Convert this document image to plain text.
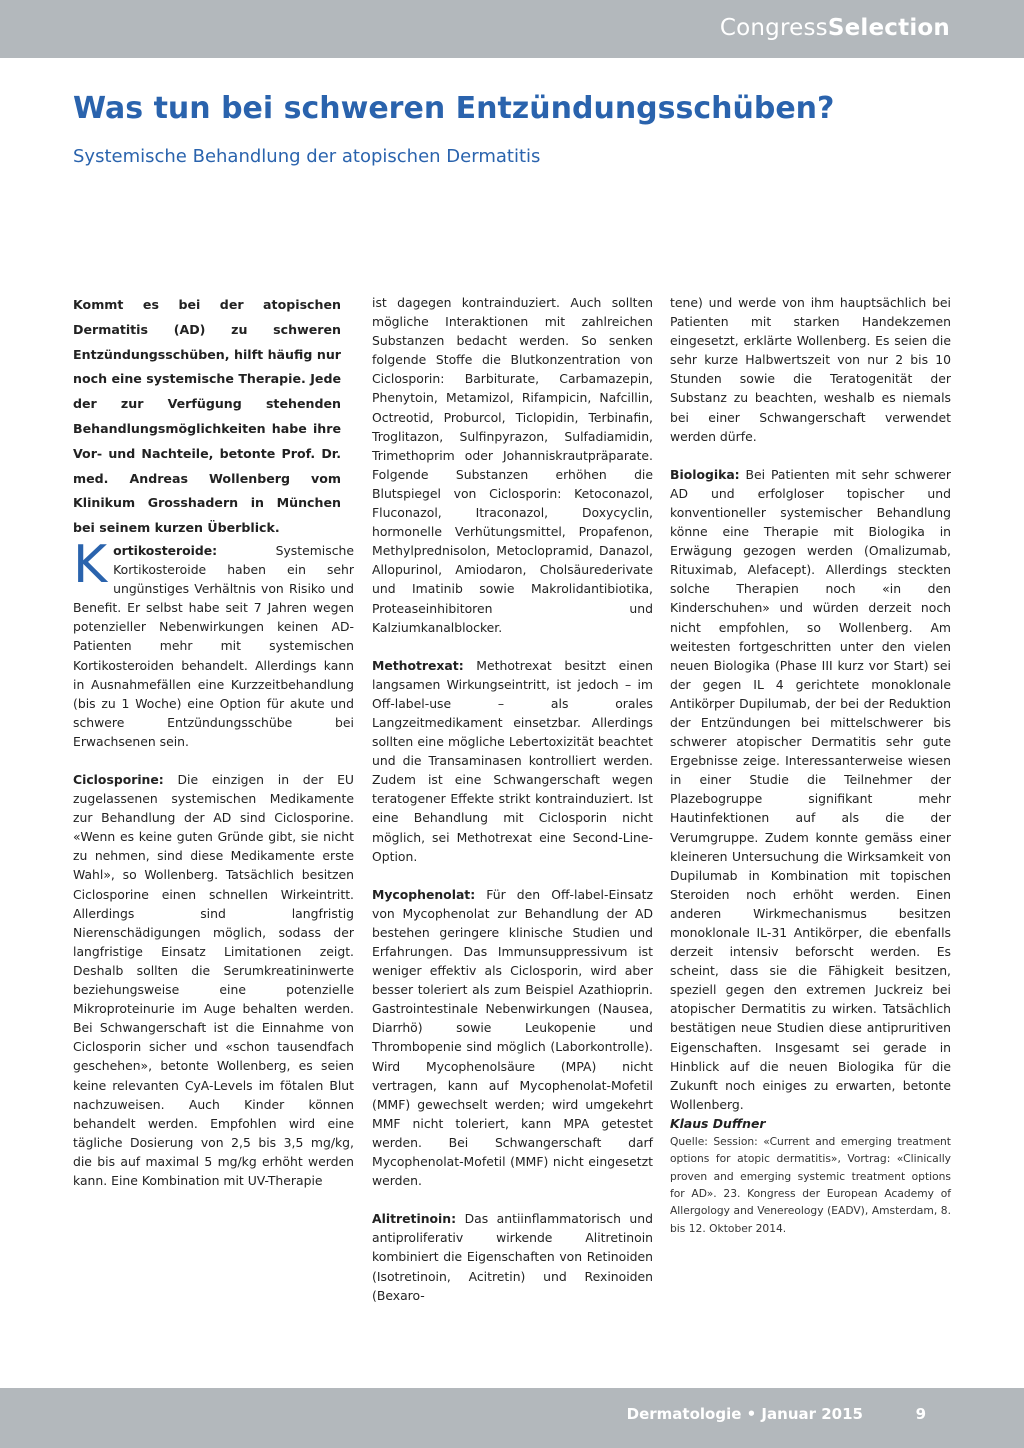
CongressSelection
Was tun bei schweren Entzündungsschüben?
Systemische Behandlung der atopischen Dermatitis

Kommt es bei der atopischen Dermatitis (AD) zu schweren Entzündungsschüben, hilft häufig nur noch eine systemische Therapie. Jede der zur Verfügung stehenden Behandlungsmöglichkeiten habe ihre Vor- und Nachteile, betonte Prof. Dr. med. Andreas Wollenberg vom Klinikum Grosshadern in München bei seinem kurzen Überblick.

Kortikosteroide:	Systemische Kortikosteroide haben ein sehr ungünstiges Verhältnis von Risiko und Benefit. Er selbst habe seit 7 Jahren wegen potenzieller Nebenwirkungen keinen AD-Patienten mehr mit systemischen Kortikosteroiden behandelt. Allerdings kann in Ausnahmefällen eine Kurzzeitbehandlung (bis zu 1 Woche) eine Option für akute und schwere Entzündungsschübe bei Erwachsenen sein.

Ciclosporine: Die einzigen in der EU zugelassenen systemischen Medikamente zur Behandlung der AD sind Ciclosporine. «Wenn es keine guten Gründe gibt, sie nicht zu nehmen, sind diese Medikamente erste Wahl», so Wollenberg. Tatsächlich besitzen Ciclosporine einen schnellen Wirkeintritt. Allerdings sind langfristig Nierenschädigungen möglich, sodass der langfristige Einsatz Limitationen zeigt. Deshalb sollten die Serumkreatininwerte beziehungsweise eine potenzielle Mikroproteinurie im Auge behalten werden. Bei Schwangerschaft ist die Einnahme von Ciclosporin sicher und «schon tausendfach geschehen», betonte Wollenberg, es seien keine relevanten CyA-Levels im fötalen Blut nachzuweisen. Auch Kinder können behandelt werden. Empfohlen wird eine tägliche Dosierung von 2,5 bis 3,5 mg/kg, die bis auf maximal 5 mg/kg erhöht werden kann. Eine Kombination mit UV-Therapie

ist dagegen kontrainduziert. Auch sollten mögliche Interaktionen mit zahlreichen Substanzen bedacht werden. So senken folgende Stoffe die Blutkonzentration von Ciclosporin: Barbiturate, Carbamazepin, Phenytoin, Metamizol, Rifampicin, Nafcillin, Octreotid, Proburcol, Ticlopidin, Terbinafin, Troglitazon, Sulfinpyrazon, Sulfadiamidin, Trimethoprim oder Johanniskrautpräparate. Folgende Substanzen erhöhen die Blutspiegel von Ciclosporin: Ketoconazol, Fluconazol, Itraconazol, Doxycyclin, hormonelle Verhütungsmittel, Propafenon, Methylprednisolon, Metoclopramid, Danazol, Allopurinol, Amiodaron, Cholsäurederivate und Imatinib sowie Makrolidantibiotika, Proteaseinhibitoren und Kalziumkanalblocker.

Methotrexat: Methotrexat besitzt einen langsamen Wirkungseintritt, ist jedoch – im Off-label-use – als orales Langzeitmedikament einsetzbar. Allerdings sollten eine mögliche Lebertoxizität beachtet und die Transaminasen kontrolliert werden. Zudem ist eine Schwangerschaft wegen teratogener Effekte strikt kontrainduziert. Ist eine Behandlung mit Ciclosporin nicht möglich, sei Methotrexat eine Second-Line-Option.

Mycophenolat: Für den Off-label-Einsatz von Mycophenolat zur Behandlung der AD bestehen geringere klinische Studien und Erfahrungen. Das Immunsuppressivum ist weniger effektiv als Ciclosporin, wird aber besser toleriert als zum Beispiel Azathioprin. Gastrointestinale Nebenwirkungen (Nausea, Diarrhö) sowie Leukopenie und Thrombopenie sind möglich (Laborkontrolle). Wird Mycophenolsäure (MPA) nicht vertragen, kann auf Mycophenolat-Mofetil (MMF) gewechselt werden; wird umgekehrt MMF nicht toleriert, kann MPA getestet werden. Bei Schwangerschaft darf Mycophenolat-Mofetil (MMF) nicht eingesetzt werden.

Alitretinoin: Das antiinflammatorisch und antiproliferativ wirkende Alitretinoin kombiniert die Eigenschaften von Retinoiden (Isotretinoin, Acitretin) und Rexinoiden (Bexaro-

tene) und werde von ihm hauptsächlich bei Patienten mit starken Handekzemen eingesetzt, erklärte Wollenberg. Es seien die sehr kurze Halbwertszeit von nur 2 bis 10 Stunden sowie die Teratogenität der Substanz zu beachten, weshalb es niemals bei einer Schwangerschaft verwendet werden dürfe.

Biologika: Bei Patienten mit sehr schwerer AD und erfolgloser topischer und konventioneller systemischer Behandlung könne eine Therapie mit Biologika in Erwägung gezogen werden (Omalizumab, Rituximab, Alefacept). Allerdings steckten solche Therapien noch «in den Kinderschuhen» und würden derzeit noch nicht empfohlen, so Wollenberg. Am weitesten fortgeschritten unter den vielen neuen Biologika (Phase III kurz vor Start) sei der gegen IL 4 gerichtete monoklonale Antikörper Dupilumab, der bei der Reduktion der Entzündungen bei mittelschwerer bis schwerer atopischer Dermatitis sehr gute Ergebnisse zeige. Interessanterweise wiesen in einer Studie die Teilnehmer der Plazebogruppe signifikant mehr Hautinfektionen auf als die der Verumgruppe. Zudem konnte gemäss einer kleineren Untersuchung die Wirksamkeit von Dupilumab in Kombination mit topischen Steroiden noch erhöht werden. Einen anderen Wirkmechanismus besitzen monoklonale IL-31 Antikörper, die ebenfalls derzeit intensiv beforscht werden. Es scheint, dass sie die Fähigkeit besitzen, speziell gegen den extremen Juckreiz bei atopischer Dermatitis zu wirken. Tatsächlich bestätigen neue Studien diese antipruritiven Eigenschaften. Insgesamt sei gerade in Hinblick auf die neuen Biologika für die Zukunft noch einiges zu erwarten, betonte Wollenberg.

Klaus Duffner

Quelle: Session: «Current and emerging treatment options for atopic dermatitis», Vortrag: «Clinically proven and emerging systemic treatment options for AD». 23. Kongress der European Academy of Allergology and Venereology (EADV), Amsterdam, 8. bis 12. Oktober 2014.

Dermatologie • Januar 2015	9
